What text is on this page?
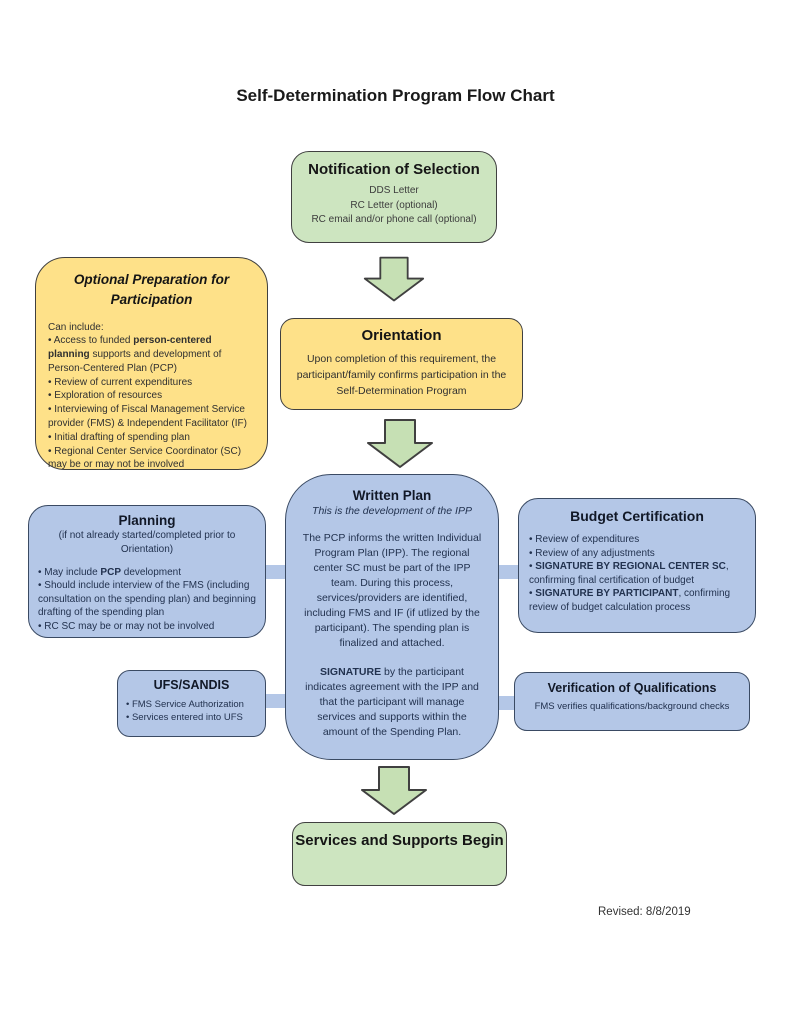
Self-Determination Program Flow Chart
Notification of Selection
DDS Letter
RC Letter (optional)
RC email and/or phone call (optional)
Optional Preparation for Participation
Can include:
• Access to funded person-centered planning supports and development of Person-Centered Plan (PCP)
• Review of current expenditures
• Exploration of resources
• Interviewing of Fiscal Management Service provider (FMS) & Independent Facilitator (IF)
• Initial drafting of spending plan
• Regional Center Service Coordinator (SC) may be or may not be involved
Orientation
Upon completion of this requirement, the participant/family confirms participation in the Self-Determination Program
Written Plan
This is the development of the IPP
The PCP informs the written Individual Program Plan (IPP). The regional center SC must be part of the IPP team. During this process, services/providers are identified, including FMS and IF (if utlized by the participant). The spending plan is finalized and attached.
SIGNATURE by the participant indicates agreement with the IPP and that the participant will manage services and supports within the amount of the Spending Plan.
Planning
(if not already started/completed prior to Orientation)
• May include PCP development
• Should include interview of the FMS (including consultation on the spending plan) and beginning drafting of the spending plan
• RC SC may be or may not be involved
UFS/SANDIS
• FMS Service Authorization
• Services entered into UFS
Budget Certification
• Review of expenditures
• Review of any adjustments
• SIGNATURE BY REGIONAL CENTER SC, confirming final certification of budget
• SIGNATURE BY PARTICIPANT, confirming review of budget calculation process
Verification of Qualifications
FMS verifies qualifications/background checks
Services and Supports Begin
Revised: 8/8/2019
